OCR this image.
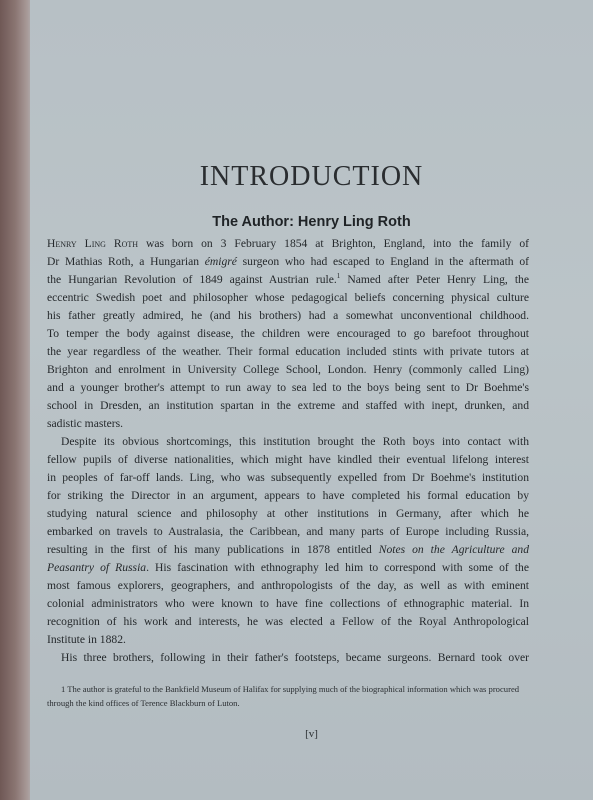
INTRODUCTION
The Author: Henry Ling Roth

Henry Ling Roth was born on 3 February 1854 at Brighton, England, into the family of

Dr Mathias Roth, a Hungarian émigré surgeon who had escaped to England in the aftermath of

the Hungarian Revolution of 1849 against Austrian rule.$^1$ Named after Peter Henry Ling, the

eccentric Swedish poet and philosopher whose pedagogical beliefs concerning physical culture

his father greatly admired, he (and his brothers) had a somewhat unconventional childhood.

To temper the body against disease, the children were encouraged to go barefoot throughout

the year regardless of the weather. Their formal education included stints with private tutors at

Brighton and enrolment in University College School, London. Henry (commonly called Ling)

and a younger brother's attempt to run away to sea led to the boys being sent to Dr Boehme's

school in Dresden, an institution spartan in the extreme and staffed with inept, drunken, and

sadistic masters.

Despite its obvious shortcomings, this institution brought the Roth boys into contact with

fellow pupils of diverse nationalities, which might have kindled their eventual lifelong interest

in peoples of far-off lands. Ling, who was subsequently expelled from Dr Boehme's institution

for striking the Director in an argument, appears to have completed his formal education by

studying natural science and philosophy at other institutions in Germany, after which he

embarked on travels to Australasia, the Caribbean, and many parts of Europe including Russia,

resulting in the first of his many publications in 1878 entitled Notes on the Agriculture and

Peasantry of Russia. His fascination with ethnography led him to correspond with some of the

most famous explorers, geographers, and anthropologists of the day, as well as with eminent

colonial administrators who were known to have fine collections of ethnographic material. In

recognition of his work and interests, he was elected a Fellow of the Royal Anthropological

Institute in 1882.

His three brothers, following in their father's footsteps, became surgeons. Bernard took over

1 The author is grateful to the Bankfield Museum of Halifax for supplying much of the biographical information which was procured through the kind offices of Terence Blackburn of Luton.

[v]
